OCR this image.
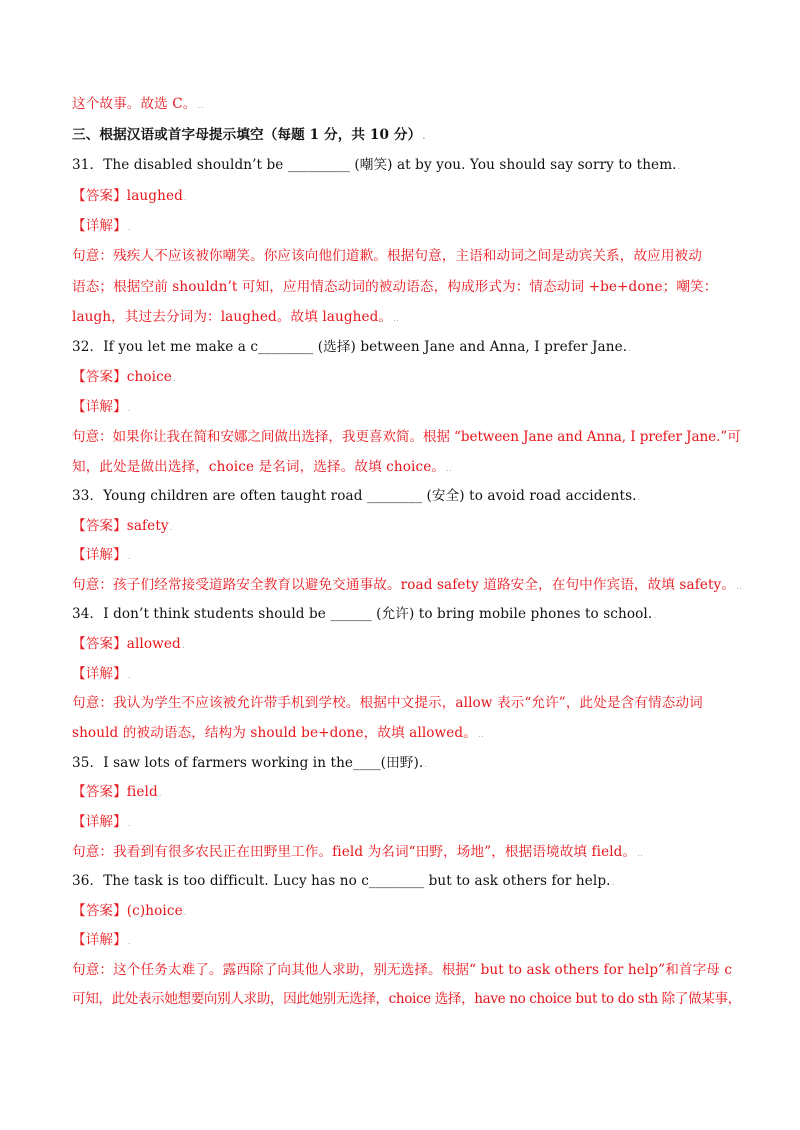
这个故事。故选 C。..
三、根据汉语或首字母提示填空（每题 1 分，共 10 分）.
31．The disabled shouldn’t be _________ (嘲笑) at by you. You should say sorry to them..
【答案】laughed.
【详解】.
句意：残疾人不应该被你嘲笑。你应该向他们道歉。根据句意，主语和动词之间是动宾关系，故应用被动
语态；根据空前 shouldn’t 可知，应用情态动词的被动语态，构成形式为：情态动词 +be+done；嘲笑：
laugh，其过去分词为：laughed。故填 laughed。..
32．If you let me make a c________ (选择) between Jane and Anna, I prefer Jane..
【答案】choice.
【详解】.
句意：如果你让我在简和安娜之间做出选择，我更喜欢简。根据 “between Jane and Anna, I prefer Jane.”可
知，此处是做出选择，choice 是名词，选择。故填 choice。..
33．Young children are often taught road ________ (安全) to avoid road accidents..
【答案】safety.
【详解】.
句意：孩子们经常接受道路安全教育以避免交通事故。road safety 道路安全，在句中作宾语，故填 safety。..
34．I don’t think students should be ______ (允许) to bring mobile phones to school..
【答案】allowed.
【详解】.
句意：我认为学生不应该被允许带手机到学校。根据中文提示，allow 表示“允许”，此处是含有情态动词
should 的被动语态，结构为 should be+done，故填 allowed。..
35．I saw lots of farmers working in the____(田野)..
【答案】field.
【详解】.
句意：我看到有很多农民正在田野里工作。field 为名词“田野，场地”，根据语境故填 field。..
36．The task is too difficult. Lucy has no c________ but to ask others for help..
【答案】(c)hoice.
【详解】.
句意：这个任务太难了。露西除了向其他人求助，别无选择。根据“ but to ask others for help”和首字母 c
可知，此处表示她想要向别人求助，因此她别无选择，choice 选择，have no choice but to do sth 除了做某事，
